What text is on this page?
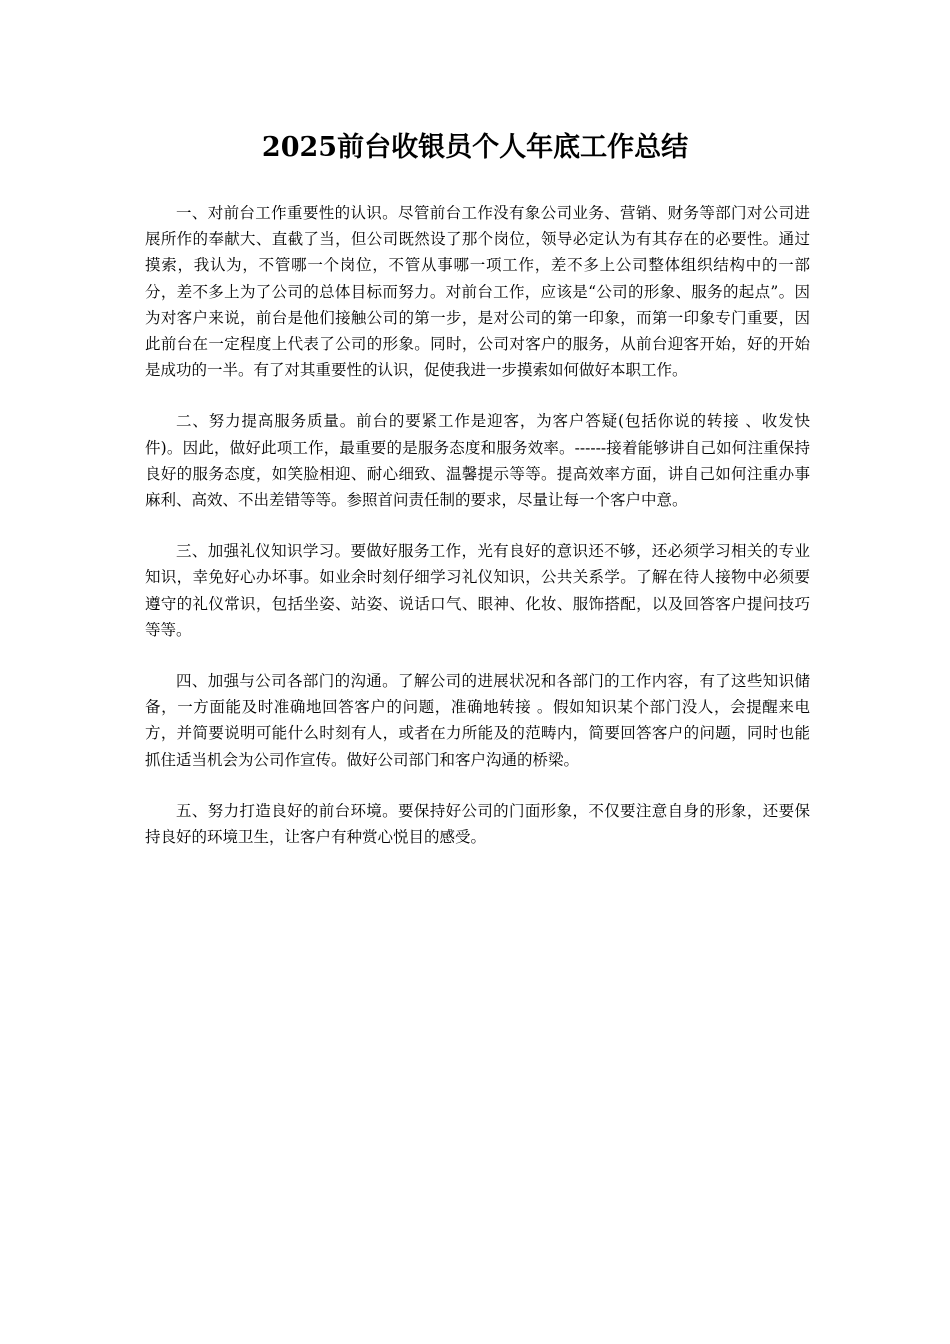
2025前台收银员个人年底工作总结

一、对前台工作重要性的认识。尽管前台工作没有象公司业务、营销、财务等部门对公司进展所作的奉献大、直截了当，但公司既然设了那个岗位，领导必定认为有其存在的必要性。通过摸索，我认为，不管哪一个岗位，不管从事哪一项工作，差不多上公司整体组织结构中的一部分，差不多上为了公司的总体目标而努力。对前台工作，应该是“公司的形象、服务的起点”。因为对客户来说，前台是他们接触公司的第一步，是对公司的第一印象，而第一印象专门重要，因此前台在一定程度上代表了公司的形象。同时，公司对客户的服务，从前台迎客开始，好的开始是成功的一半。有了对其重要性的认识，促使我进一步摸索如何做好本职工作。

二、努力提高服务质量。前台的要紧工作是迎客，为客户答疑(包括你说的转接 、收发快件)。因此，做好此项工作，最重要的是服务态度和服务效率。------接着能够讲自己如何注重保持良好的服务态度，如笑脸相迎、耐心细致、温馨提示等等。提高效率方面，讲自己如何注重办事麻利、高效、不出差错等等。参照首问责任制的要求，尽量让每一个客户中意。

三、加强礼仪知识学习。要做好服务工作，光有良好的意识还不够，还必须学习相关的专业知识，幸免好心办坏事。如业余时刻仔细学习礼仪知识，公共关系学。了解在待人接物中必须要遵守的礼仪常识，包括坐姿、站姿、说话口气、眼神、化妆、服饰搭配，以及回答客户提问技巧等等。

四、加强与公司各部门的沟通。了解公司的进展状况和各部门的工作内容，有了这些知识储备，一方面能及时准确地回答客户的问题，准确地转接 。假如知识某个部门没人，会提醒来电方，并简要说明可能什么时刻有人，或者在力所能及的范畴内，简要回答客户的问题，同时也能抓住适当机会为公司作宣传。做好公司部门和客户沟通的桥梁。

五、努力打造良好的前台环境。要保持好公司的门面形象，不仅要注意自身的形象，还要保持良好的环境卫生，让客户有种赏心悦目的感受。
